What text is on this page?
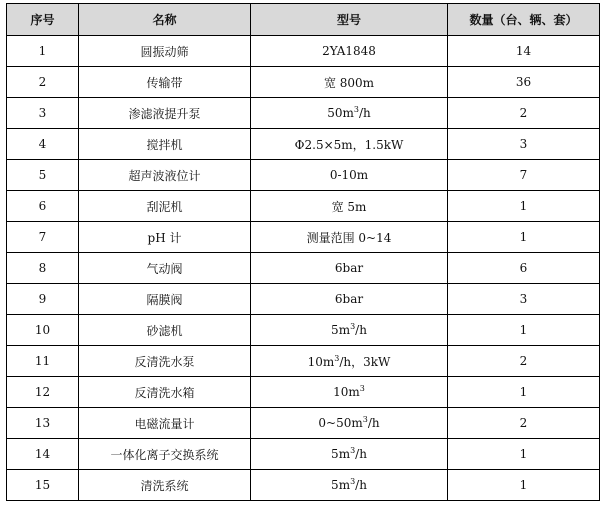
序号	名称	型号	数量（台、辆、套）
1	圆振动筛	2YA1848	14
2	传输带	宽 800m	36
3	渗滤液提升泵	$50m^3/h$	2
4	搅拌机	Φ2.5×5m，1.5kW	3
5	超声波液位计	0-10m	7
6	刮泥机	宽 5m	1
7	pH 计	测量范围 0~14	1
8	气动阀	6bar	6
9	隔膜阀	6bar	3
10	砂滤机	$5m^3/h$	1
11	反清洗水泵	$10m^3/h$，3kW	2
12	反清洗水箱	$10m^3$	1
13	电磁流量计	$0\sim 50m^3/h$	2
14	一体化离子交换系统	$5m^3/h$	1
15	清洗系统	$5m^3/h$	1
